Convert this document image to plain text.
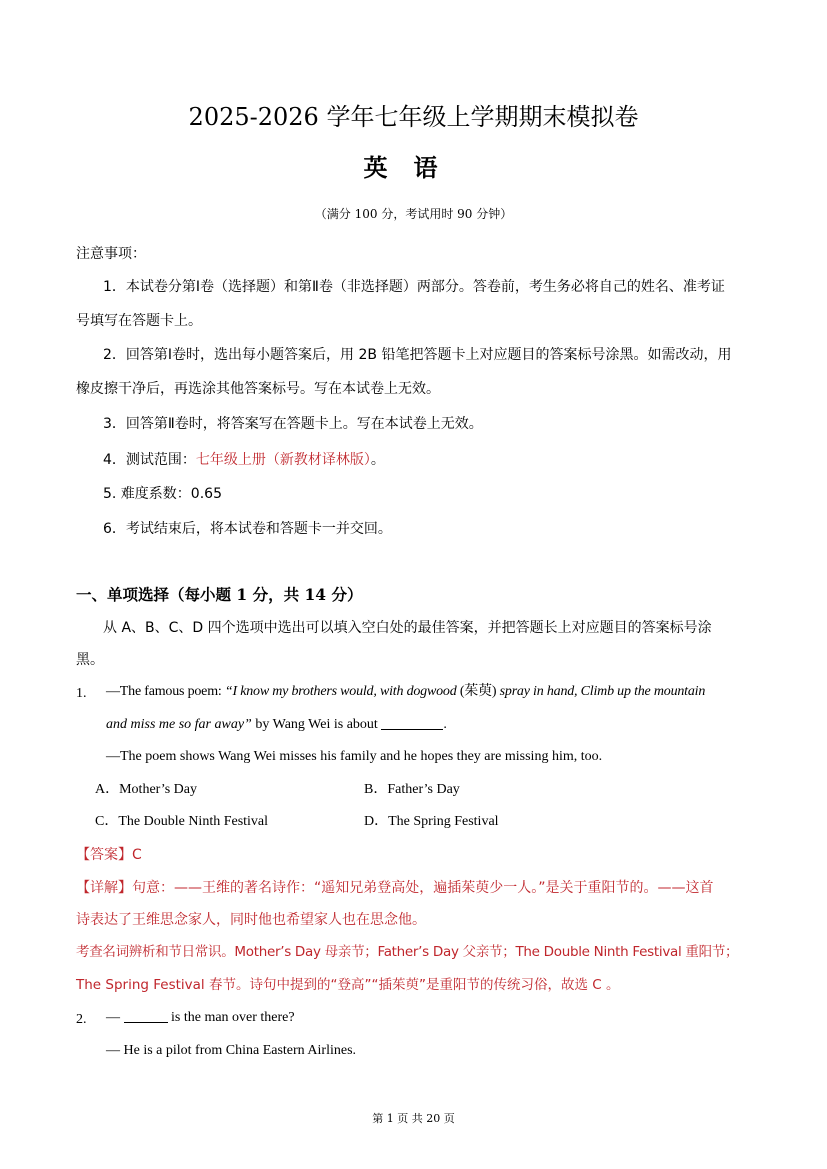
2025-2026 学年七年级上学期期末模拟卷
英语
（满分 100 分，考试用时 90 分钟）
注意事项：
1．本试卷分第Ⅰ卷（选择题）和第Ⅱ卷（非选择题）两部分。答卷前，考生务必将自己的姓名、准考证
号填写在答题卡上。
2．回答第Ⅰ卷时，选出每小题答案后，用 2B 铅笔把答题卡上对应题目的答案标号涂黑。如需改动，用
橡皮擦干净后，再选涂其他答案标号。写在本试卷上无效。
3．回答第Ⅱ卷时，将答案写在答题卡上。写在本试卷上无效。
4．测试范围：七年级上册（新教材译林版）。
5. 难度系数：0.65
6．考试结束后，将本试卷和答题卡一并交回。
一、单项选择（每小题 1 分，共 14 分）
从 A、B、C、D 四个选项中选出可以填入空白处的最佳答案，并把答题长上对应题目的答案标号涂
黑。
1. —The famous poem: “I know my brothers would, with dogwood (茱萸) spray in hand, Climb up the mountain
and miss me so far away” by Wang Wei is about	.
—The poem shows Wang Wei misses his family and he hopes they are missing him, too.
A．Mother’s Day	B．Father’s Day
C．The Double Ninth Festival	D．The Spring Festival
【答案】C
【详解】句意：——王维的著名诗作：“遥知兄弟登高处，遍插茱萸少一人。”是关于重阳节的。——这首
诗表达了王维思念家人，同时他也希望家人也在思念他。
考查名词辨析和节日常识。Mother’s Day 母亲节；Father’s Day 父亲节；The Double Ninth Festival 重阳节；
The Spring Festival 春节。诗句中提到的“登高”“插茱萸”是重阳节的传统习俗，故选 C 。
2. —	is the man over there?
— He is a pilot from China Eastern Airlines.
第 1 页 共 20 页
